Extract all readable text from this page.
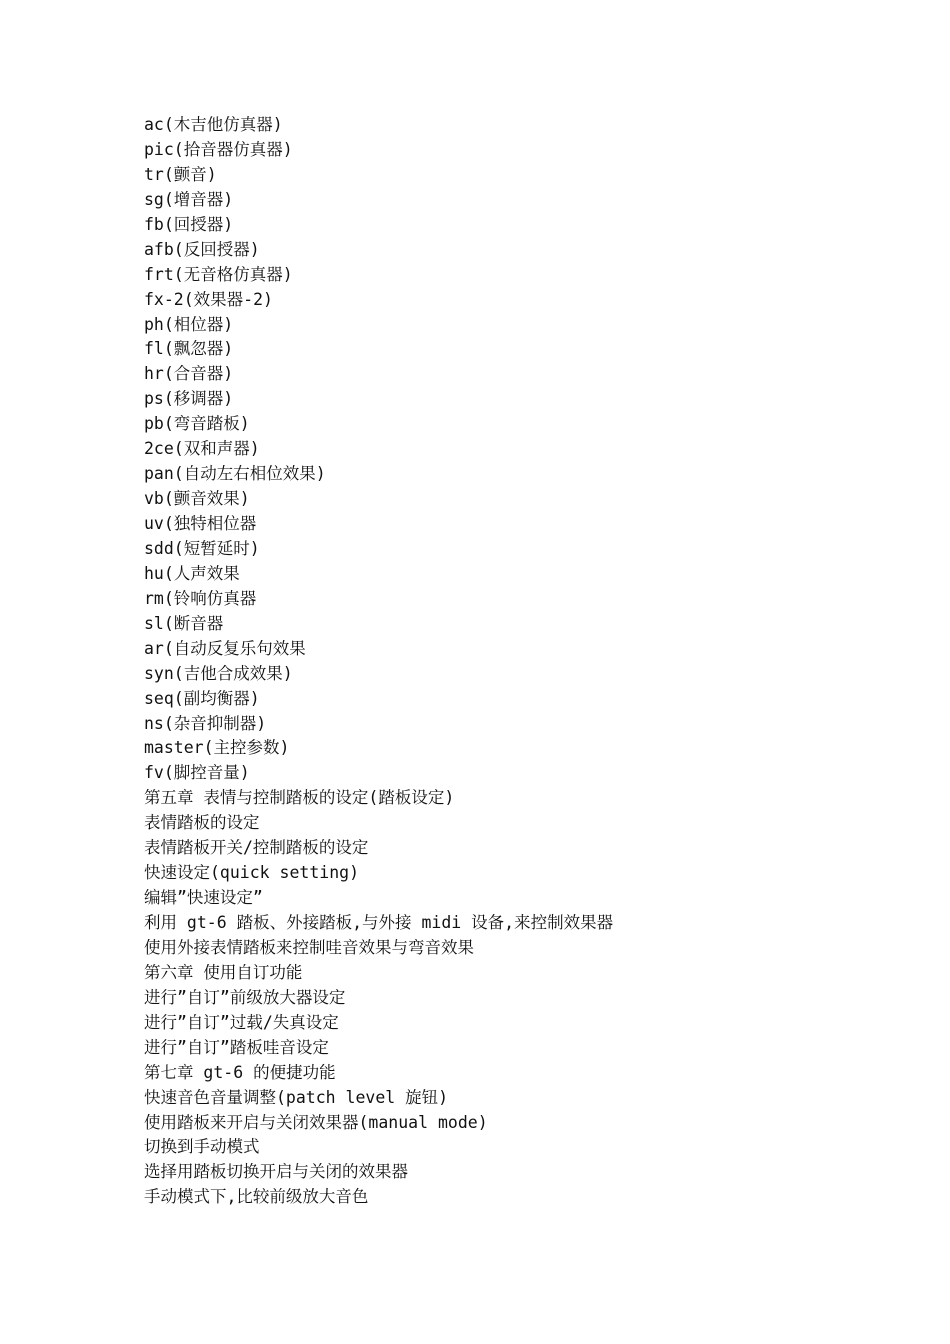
ac(木吉他仿真器)
pic(拾音器仿真器)
tr(颤音)
sg(增音器)
fb(回授器)
afb(反回授器)
frt(无音格仿真器)
fx-2(效果器-2)
ph(相位器)
fl(飘忽器)
hr(合音器)
ps(移调器)
pb(弯音踏板)
2ce(双和声器)
pan(自动左右相位效果)
vb(颤音效果)
uv(独特相位器
sdd(短暂延时)
hu(人声效果
rm(铃响仿真器
sl(断音器
ar(自动反复乐句效果
syn(吉他合成效果)
seq(副均衡器)
ns(杂音抑制器)
master(主控参数)
fv(脚控音量)
第五章 表情与控制踏板的设定(踏板设定)
表情踏板的设定
表情踏板开关/控制踏板的设定
快速设定(quick setting)
编辑”快速设定”
利用 gt-6 踏板、外接踏板,与外接 midi 设备,来控制效果器
使用外接表情踏板来控制哇音效果与弯音效果
第六章 使用自订功能
进行”自订”前级放大器设定
进行”自订”过载/失真设定
进行”自订”踏板哇音设定
第七章 gt-6 的便捷功能
快速音色音量调整(patch level 旋钮)
使用踏板来开启与关闭效果器(manual mode)
切换到手动模式
选择用踏板切换开启与关闭的效果器
手动模式下,比较前级放大音色
